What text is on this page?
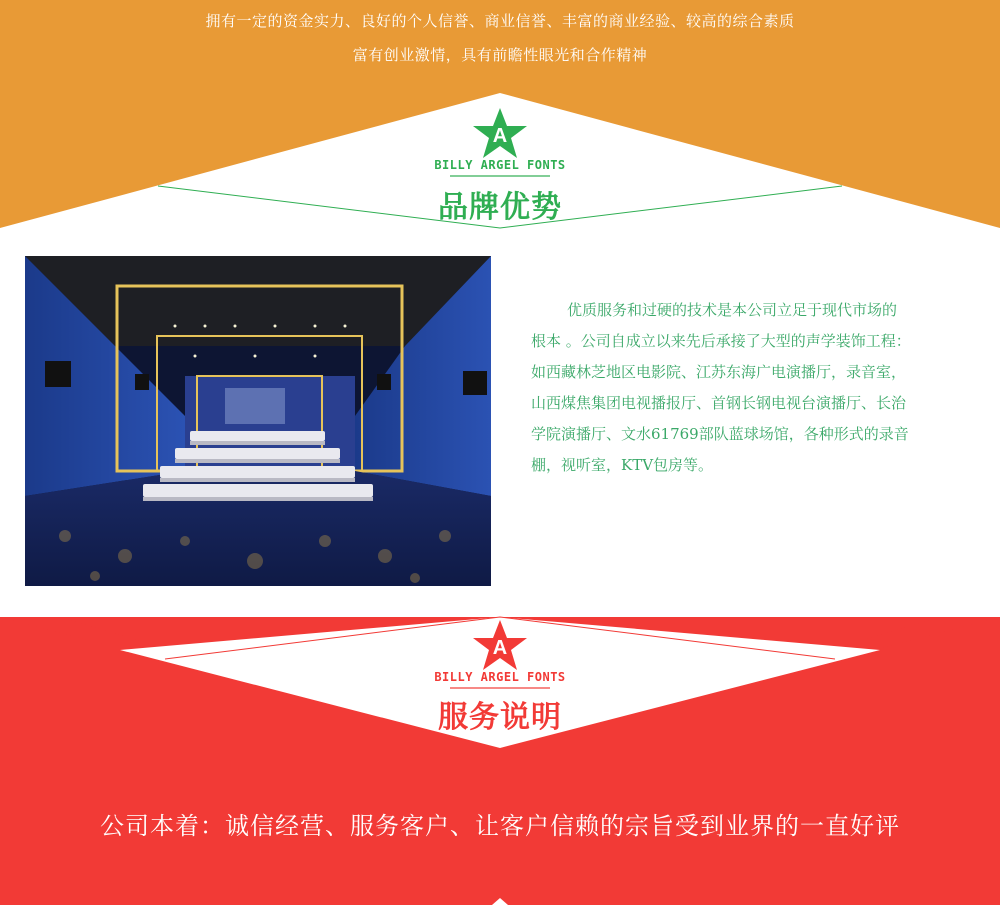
拥有一定的资金实力、良好的个人信誉、商业信誉、丰富的商业经验、较高的综合素质
富有创业激情，具有前瞻性眼光和合作精神
A
BILLY ARGEL FONTS
品牌优势
优质服务和过硬的技术是本公司立足于现代市场的根本 。公司自成立以来先后承接了大型的声学装饰工程：如西藏林芝地区电影院、江苏东海广电演播厅，录音室，山西煤焦集团电视播报厅、首钢长钢电视台演播厅、长治学院演播厅、文水61769部队蓝球场馆，各种形式的录音棚，视听室，KTV包房等。
A
BILLY ARGEL FONTS
服务说明
公司本着：诚信经营、服务客户、让客户信赖的宗旨受到业界的一直好评
